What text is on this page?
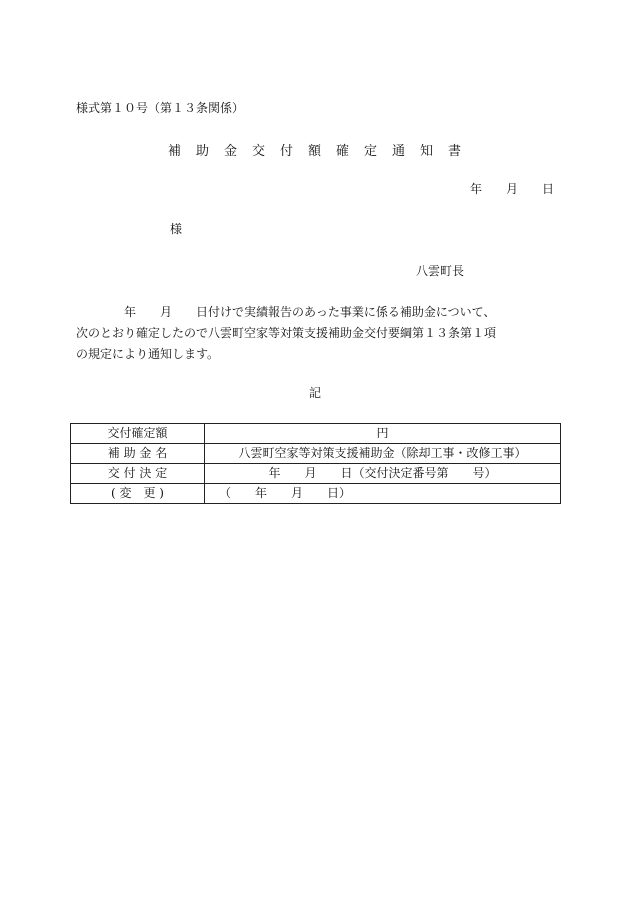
様式第１０号（第１３条関係）
補　助　金　交　付　額　確　定　通　知　書
年　　月　　日
様
八雲町長
　　　　年　　月　　日付けで実績報告のあった事業に係る補助金について、
次のとおり確定したので八雲町空家等対策支援補助金交付要綱第１３条第１項
の規定により通知します。
記
交付確定額	円
補 助 金 名	八雲町空家等対策支援補助金（除却工事・改修工事）
交 付 決 定	年　　月　　日（交付決定番号第　　号）
( 変　更 )	（　　年　　月　　日）
